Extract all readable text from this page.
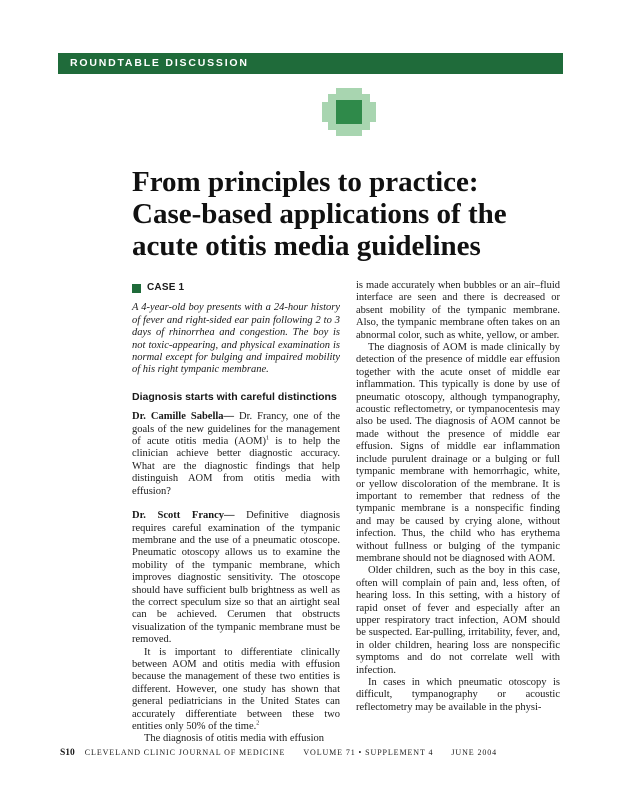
ROUNDTABLE DISCUSSION
From principles to practice:
Case-based applications of the
acute otitis media guidelines
CASE 1

A 4-year-old boy presents with a 24-hour history of fever and right-sided ear pain following 2 to 3 days of rhinorrhea and congestion. The boy is not toxic-appearing, and physical examination is normal except for bulging and impaired mobility of his right tympanic membrane.

Diagnosis starts with careful distinctions

Dr. Camille Sabella— Dr. Francy, one of the goals of the new guidelines for the management of acute otitis media (AOM)$^1$ is to help the clinician achieve better diagnostic accuracy. What are the diagnostic findings that help distinguish AOM from otitis media with effusion?

Dr. Scott Francy— Definitive diagnosis requires careful examination of the tympanic membrane and the use of a pneumatic otoscope. Pneumatic otoscopy allows us to examine the mobility of the tympanic membrane, which improves diagnostic sensitivity. The otoscope should have sufficient bulb brightness as well as the correct speculum size so that an airtight seal can be achieved. Cerumen that obstructs visualization of the tympanic membrane must be removed.

It is important to differentiate clinically between AOM and otitis media with effusion because the management of these two entities is different. However, one study has shown that general pediatricians in the United States can accurately differentiate between these two entities only 50% of the time.$^2$

The diagnosis of otitis media with effusion

is made accurately when bubbles or an air–fluid interface are seen and there is decreased or absent mobility of the tympanic membrane. Also, the tympanic membrane often takes on an abnormal color, such as white, yellow, or amber.

The diagnosis of AOM is made clinically by detection of the presence of middle ear effusion together with the acute onset of middle ear inflammation. This typically is done by use of pneumatic otoscopy, although tympanography, acoustic reflectometry, or tympanocentesis may also be used. The diagnosis of AOM cannot be made without the presence of middle ear effusion. Signs of middle ear inflammation include purulent drainage or a bulging or full tympanic membrane with hemorrhagic, white, or yellow discoloration of the membrane. It is important to remember that redness of the tympanic membrane is a nonspecific finding and may be caused by crying alone, without infection. Thus, the child who has erythema without fullness or bulging of the tympanic membrane should not be diagnosed with AOM.

Older children, such as the boy in this case, often will complain of pain and, less often, of hearing loss. In this setting, with a history of rapid onset of fever and especially after an upper respiratory tract infection, AOM should be suspected. Ear-pulling, irritability, fever, and, in older children, hearing loss are nonspecific symptoms and do not correlate well with infection.

In cases in which pneumatic otoscopy is difficult, tympanography or acoustic reflectometry may be available in the physi-

S10 CLEVELAND CLINIC JOURNAL OF MEDICINE VOLUME 71 • SUPPLEMENT 4 JUNE 2004
